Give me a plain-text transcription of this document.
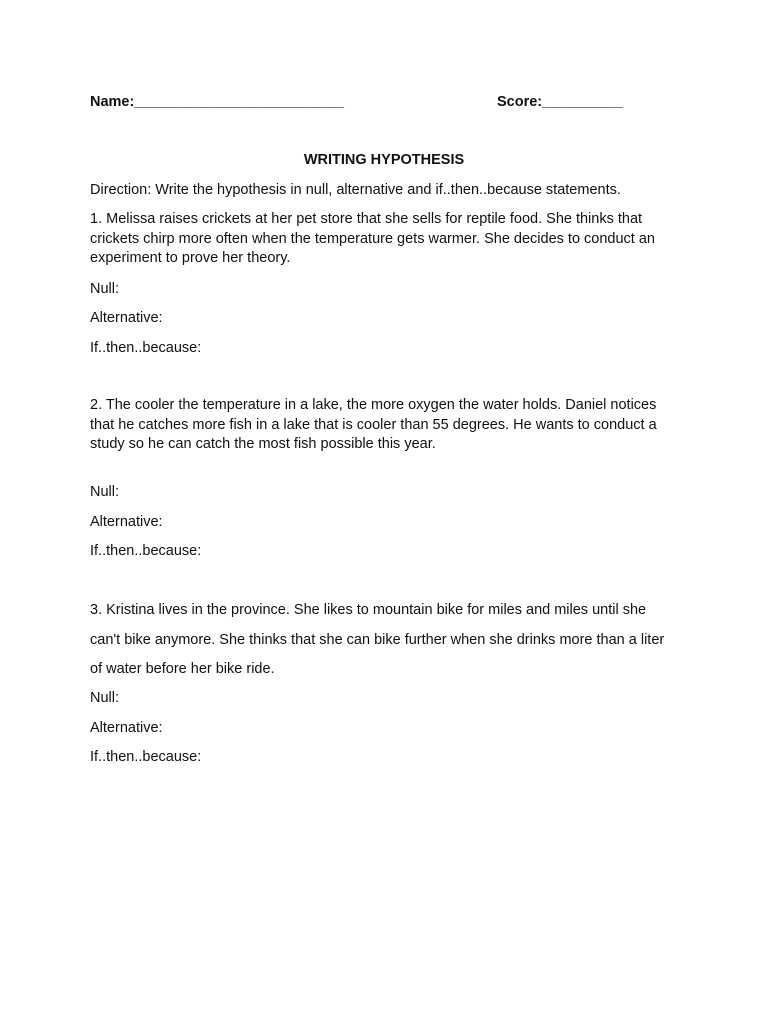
Name:__________________________	Score:__________
WRITING HYPOTHESIS
Direction: Write the hypothesis in null, alternative and if..then..because statements.
1. Melissa raises crickets at her pet store that she sells for reptile food. She thinks that crickets chirp more often when the temperature gets warmer. She decides to conduct an experiment to prove her theory.
Null:
Alternative:
If..then..because:
2. The cooler the temperature in a lake, the more oxygen the water holds. Daniel notices that he catches more fish in a lake that is cooler than 55 degrees. He wants to conduct a study so he can catch the most fish possible this year.
Null:
Alternative:
If..then..because:
3. Kristina lives in the province. She likes to mountain bike for miles and miles until she can't bike anymore. She thinks that she can bike further when she drinks more than a liter of water before her bike ride.
Null:
Alternative:
If..then..because:
